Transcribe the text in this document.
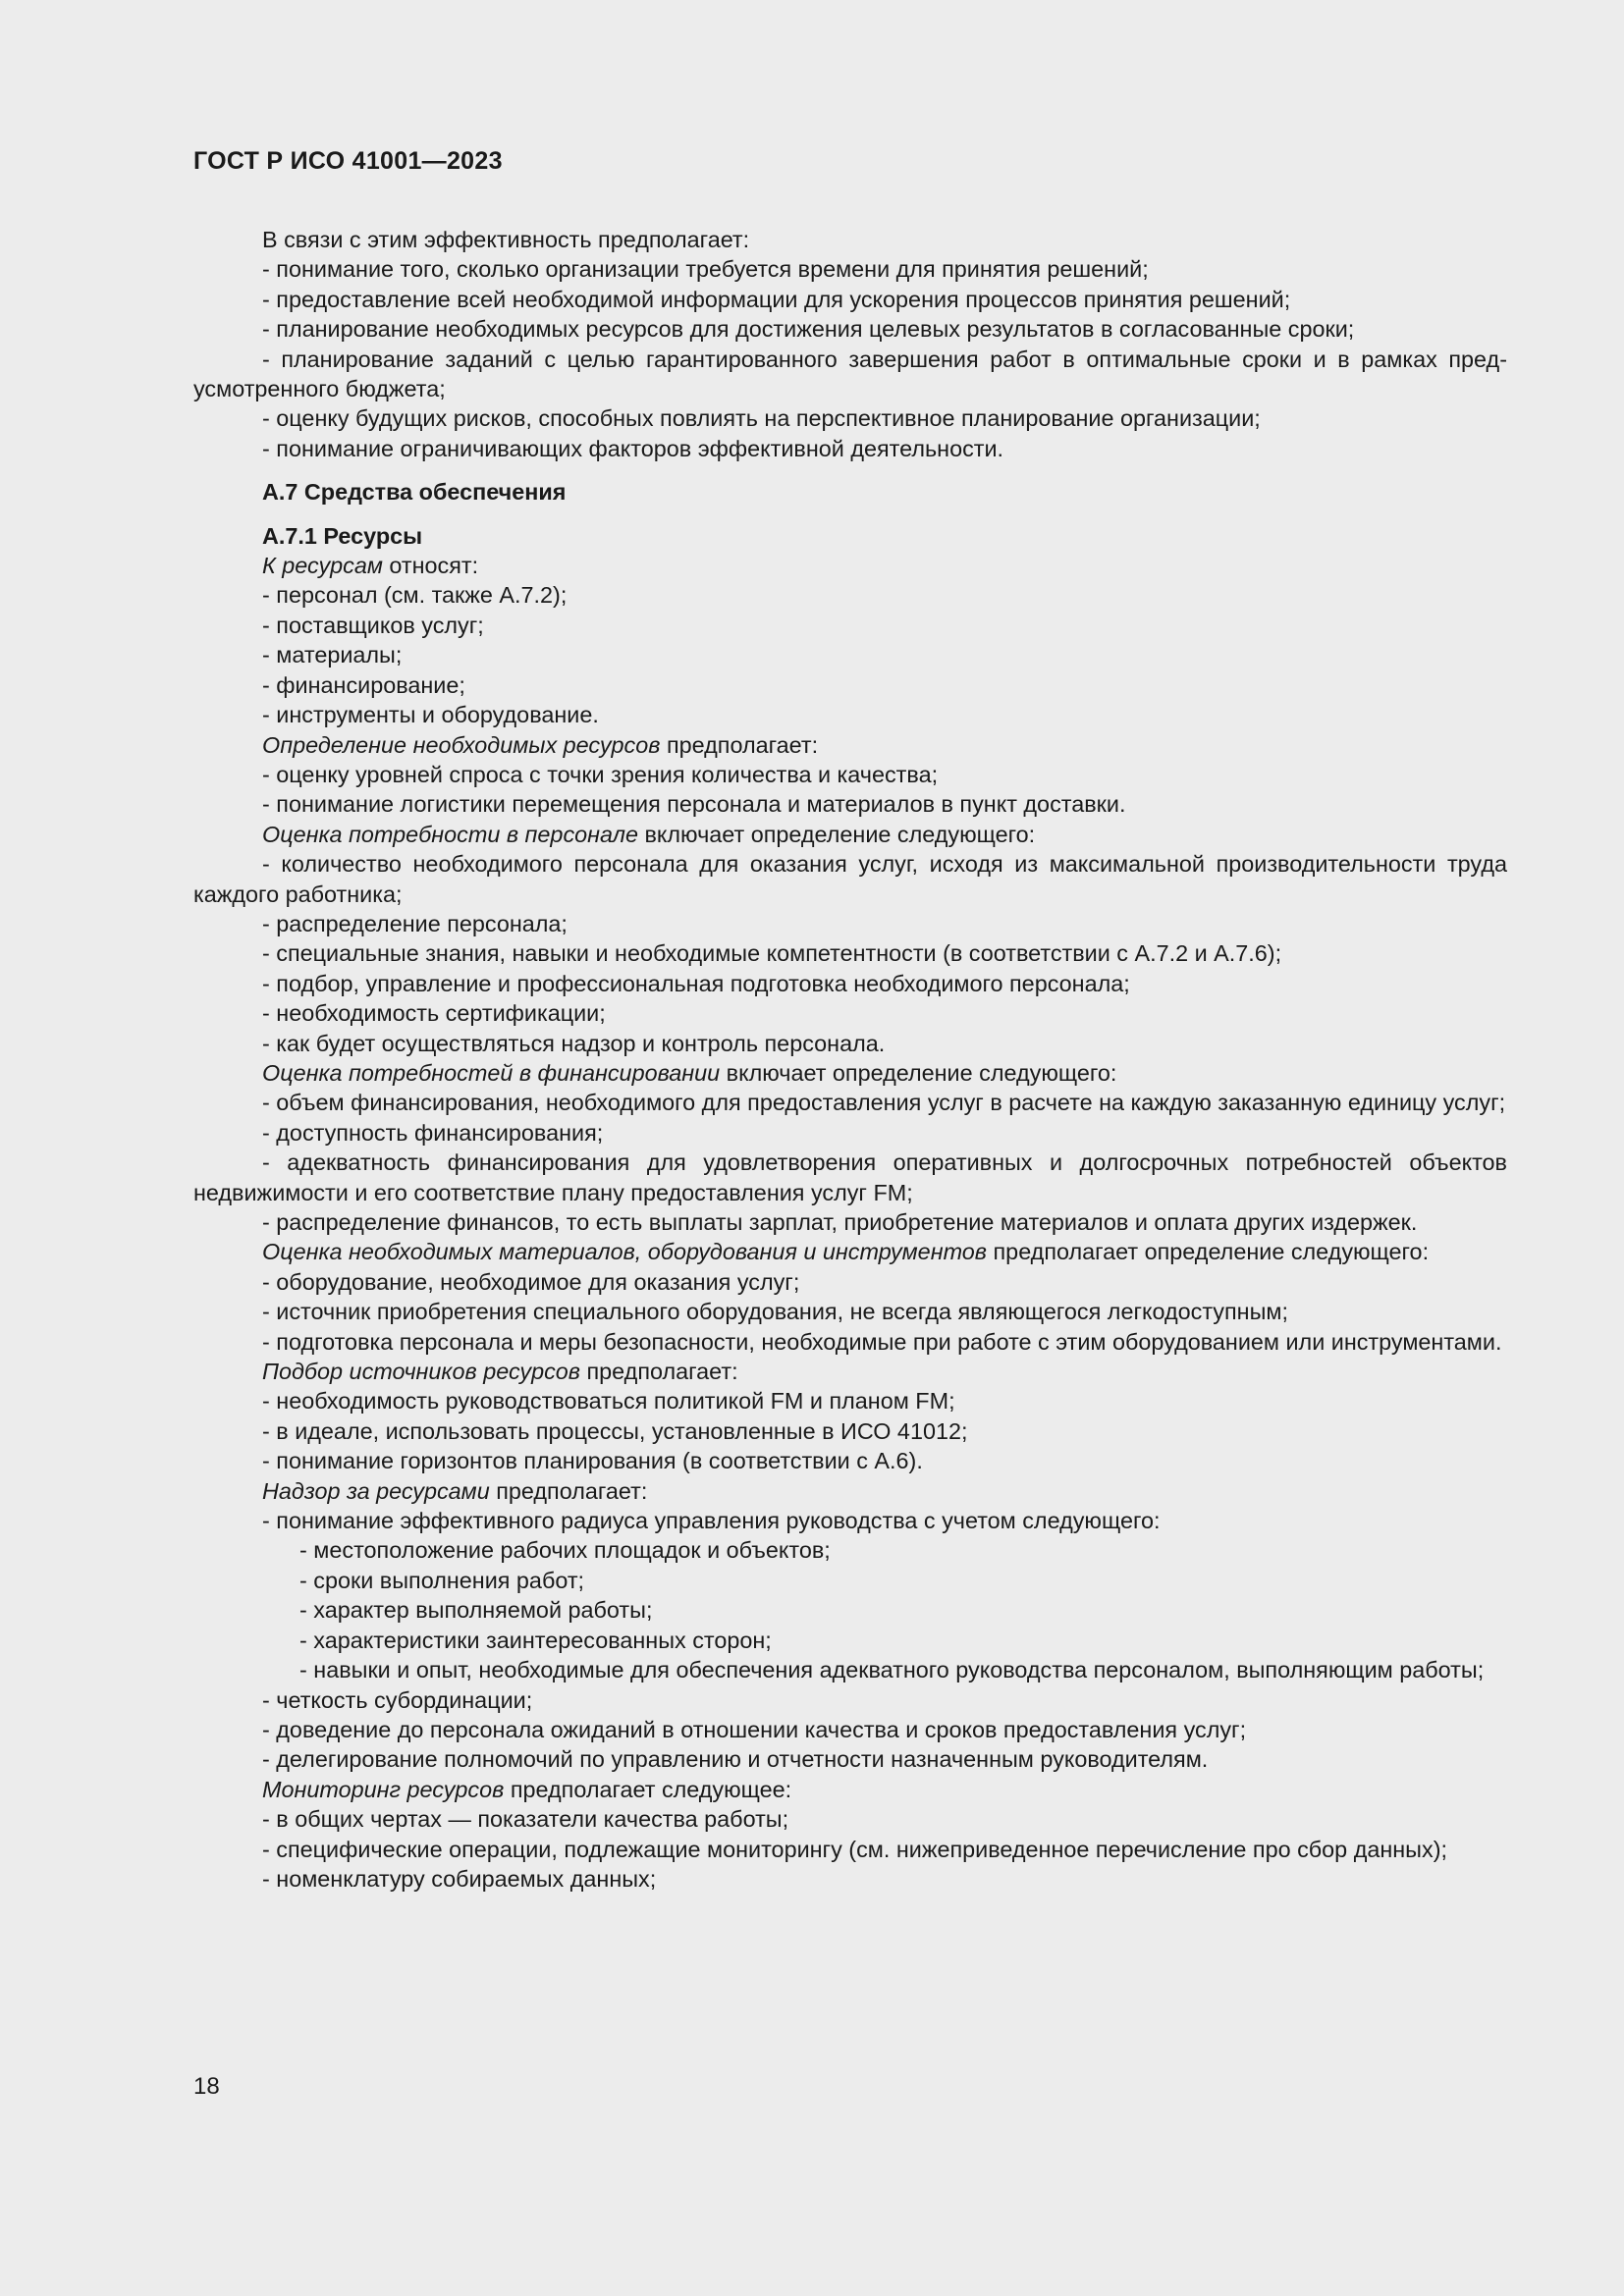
ГОСТ Р ИСО 41001—2023

В связи с этим эффективность предполагает:

- понимание того, сколько организации требуется времени для принятия решений;

- предоставление всей необходимой информации для ускорения процессов принятия решений;

- планирование необходимых ресурсов для достижения целевых результатов в согласованные сроки;

- планирование заданий с целью гарантированного завершения работ в оптимальные сроки и в рамках предусмотренного бюджета;

- оценку будущих рисков, способных повлиять на перспективное планирование организации;

- понимание ограничивающих факторов эффективной деятельности.

А.7 Средства обеспечения
А.7.1 Ресурсы

К ресурсам относят:

- персонал (см. также А.7.2);

- поставщиков услуг;

- материалы;

- финансирование;

- инструменты и оборудование.

Определение необходимых ресурсов предполагает:

- оценку уровней спроса с точки зрения количества и качества;

- понимание логистики перемещения персонала и материалов в пункт доставки.

Оценка потребности в персонале включает определение следующего:

- количество необходимого персонала для оказания услуг, исходя из максимальной производительности труда каждого работника;

- распределение персонала;

- специальные знания, навыки и необходимые компетентности (в соответствии с А.7.2 и А.7.6);

- подбор, управление и профессиональная подготовка необходимого персонала;

- необходимость сертификации;

- как будет осуществляться надзор и контроль персонала.

Оценка потребностей в финансировании включает определение следующего:

- объем финансирования, необходимого для предоставления услуг в расчете на каждую заказанную единицу услуг;

- доступность финансирования;

- адекватность финансирования для удовлетворения оперативных и долгосрочных потребностей объектов недвижимости и его соответствие плану предоставления услуг FM;

- распределение финансов, то есть выплаты зарплат, приобретение материалов и оплата других издержек.

Оценка необходимых материалов, оборудования и инструментов предполагает определение следующего:

- оборудование, необходимое для оказания услуг;

- источник приобретения специального оборудования, не всегда являющегося легкодоступным;

- подготовка персонала и меры безопасности, необходимые при работе с этим оборудованием или инструментами.

Подбор источников ресурсов предполагает:

- необходимость руководствоваться политикой FM и планом FM;

- в идеале, использовать процессы, установленные в ИСО 41012;

- понимание горизонтов планирования (в соответствии с А.6).

Надзор за ресурсами предполагает:

- понимание эффективного радиуса управления руководства с учетом следующего:

- местоположение рабочих площадок и объектов;

- сроки выполнения работ;

- характер выполняемой работы;

- характеристики заинтересованных сторон;

- навыки и опыт, необходимые для обеспечения адекватного руководства персоналом, выполняющим работы;

- четкость субординации;

- доведение до персонала ожиданий в отношении качества и сроков предоставления услуг;

- делегирование полномочий по управлению и отчетности назначенным руководителям.

Мониторинг ресурсов предполагает следующее:

- в общих чертах — показатели качества работы;

- специфические операции, подлежащие мониторингу (см. нижеприведенное перечисление про сбор данных);

- номенклатуру собираемых данных;

18
